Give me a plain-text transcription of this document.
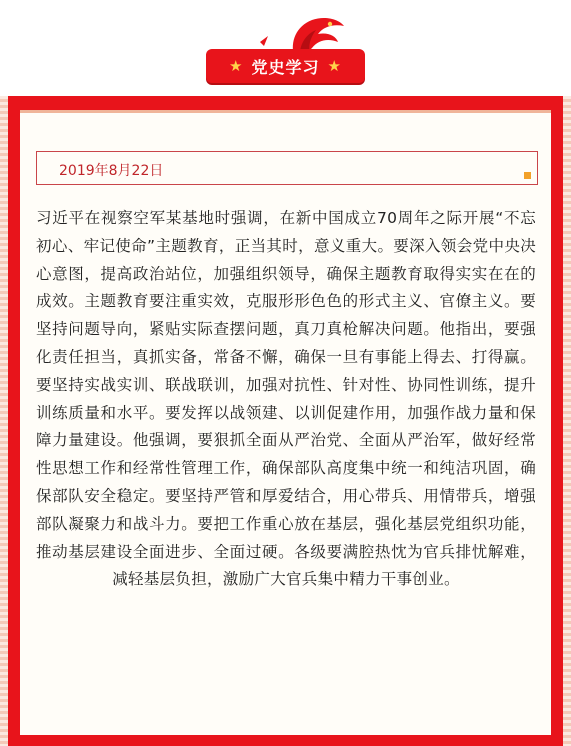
★ 党史学习 ★
2019年8月22日

习近平在视察空军某基地时强调，在新中国成立70周年之际开展“不忘初心、牢记使命”主题教育，正当其时，意义重大。要深入领会党中央决心意图，提高政治站位，加强组织领导，确保主题教育取得实实在在的成效。主题教育要注重实效，克服形形色色的形式主义、官僚主义。要坚持问题导向，紧贴实际查摆问题，真刀真枪解决问题。他指出，要强化责任担当，真抓实备，常备不懈，确保一旦有事能上得去、打得赢。要坚持实战实训、联战联训，加强对抗性、针对性、协同性训练，提升训练质量和水平。要发挥以战领建、以训促建作用，加强作战力量和保障力量建设。他强调，要狠抓全面从严治党、全面从严治军，做好经常性思想工作和经常性管理工作，确保部队高度集中统一和纯洁巩固，确保部队安全稳定。要坚持严管和厚爱结合，用心带兵、用情带兵，增强部队凝聚力和战斗力。要把工作重心放在基层，强化基层党组织功能，推动基层建设全面进步、全面过硬。各级要满腔热忱为官兵排忧解难，减轻基层负担，激励广大官兵集中精力干事创业。
